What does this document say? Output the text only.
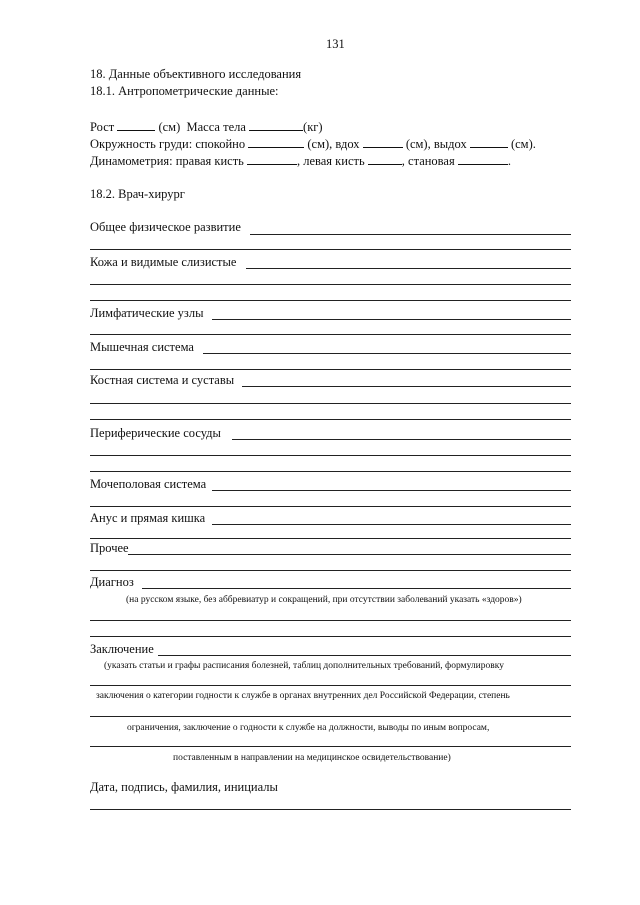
131
18. Данные объективного исследования
18.1. Антропометрические данные:
Рост	(см) Масса тела	(кг)
Окружность груди: спокойно	(см), вдох	(см), выдох	(см).
Динамометрия: правая кисть	, левая кисть	, становая	.
18.2. Врач-хирург
Общее физическое развитие
Кожа и видимые слизистые
Лимфатические узлы
Мышечная система
Костная система и суставы
Периферические сосуды
Мочеполовая система
Анус и прямая кишка
Прочее
Диагноз
(на русском языке, без аббревиатур и сокращений, при отсутствии заболеваний указать «здоров»)
Заключение
(указать статьи и графы расписания болезней, таблиц дополнительных требований, формулировку
заключения о категории годности к службе в органах внутренних дел Российской Федерации, степень
ограничения, заключение о годности к службе на должности, выводы по иным вопросам,
поставленным в направлении на медицинское освидетельствование)
Дата, подпись, фамилия, инициалы
